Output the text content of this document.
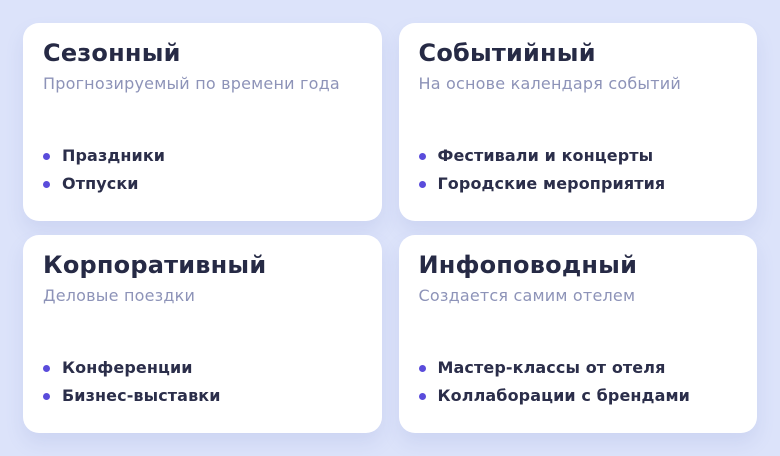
Сезонный
Прогнозируемый по времени года
Праздники
Отпуски
Событийный
На основе календаря событий
Фестивали и концерты
Городские мероприятия
Корпоративный
Деловые поездки
Конференции
Бизнес-выставки
Инфоповодный
Создается самим отелем
Мастер-классы от отеля
Коллаборации с брендами
